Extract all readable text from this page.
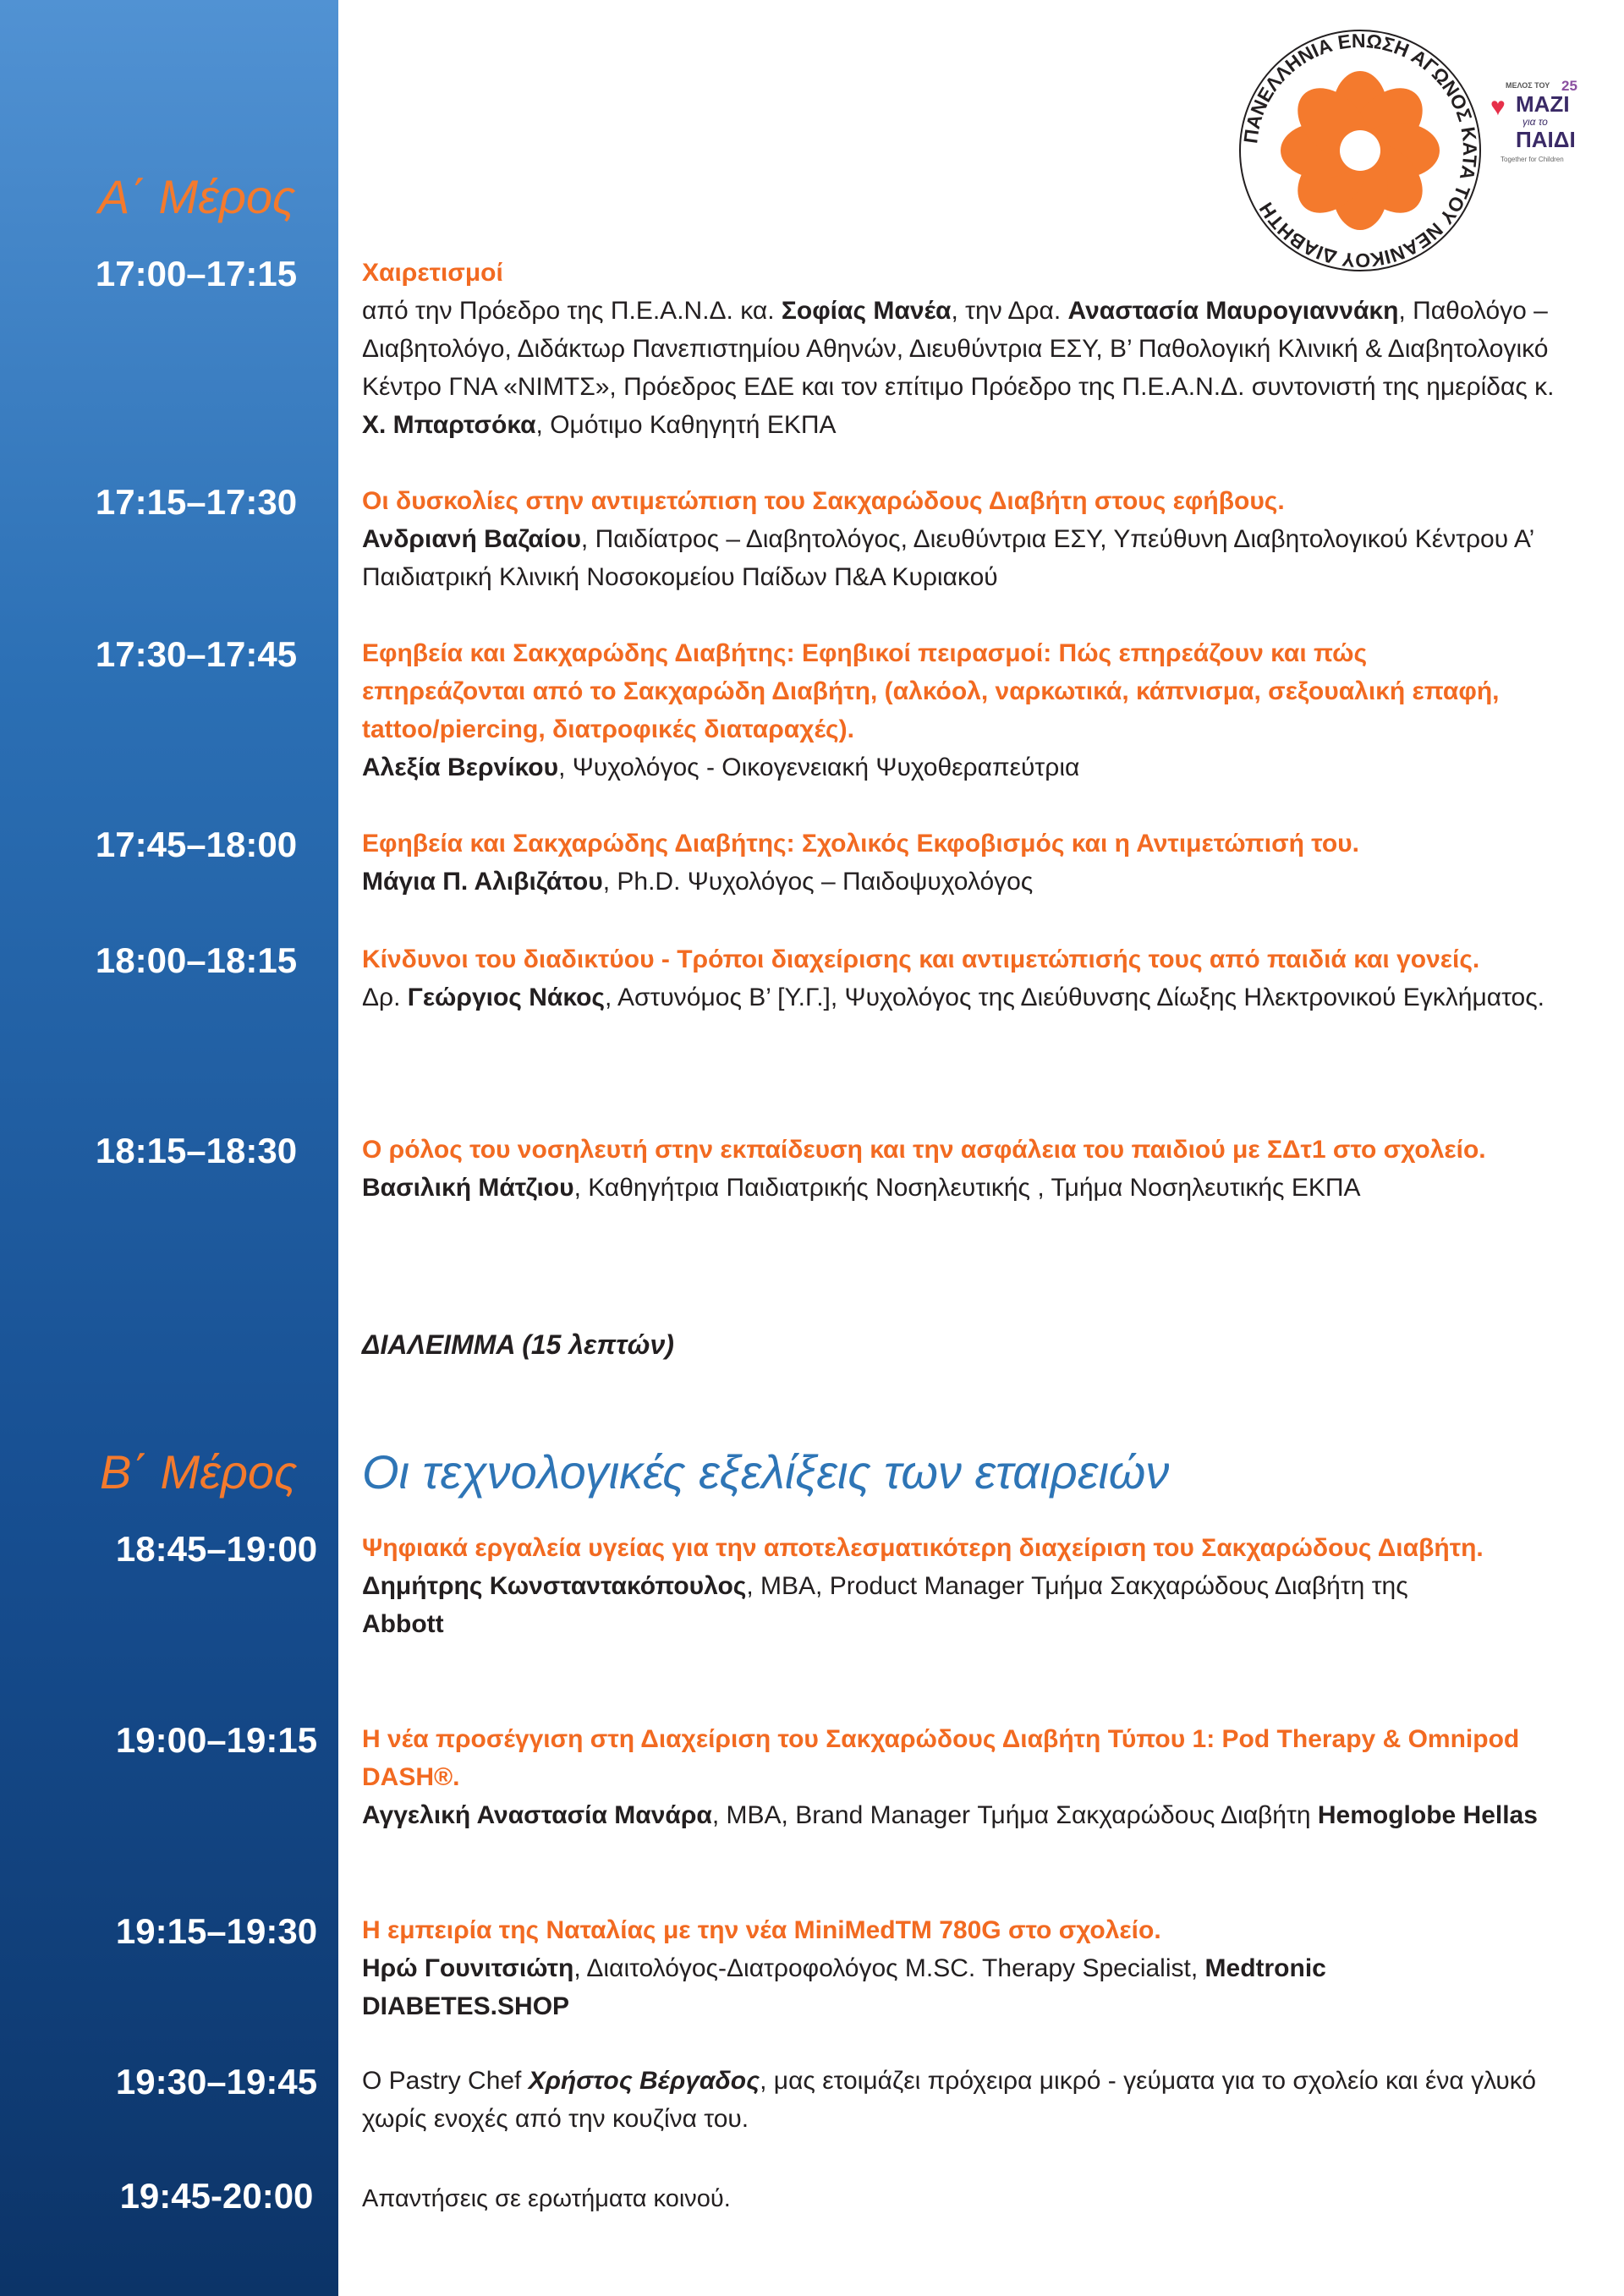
ΠΑΝΕΛΛΗΝΙΑ ΕΝΩΣΗ ΑΓΩΝΟΣ ΚΑΤΑ ΤΟΥ ΝΕΑΝΙΚΟΥ ΔΙΑΒΗΤΗ
ΜΕΛΟΣ ΤΟΥ 25
♥ ΜΑΖΙ
για το
ΠΑΙΔΙ
Together for Children
Α΄ Μέρος
17:00–17:15	Χαιρετισμοί
από την Πρόεδρο της Π.Ε.Α.Ν.Δ. κα. Σοφίας Μανέα, την Δρα. Αναστασία Μαυρογιαννάκη, Παθολόγο – Διαβητολόγο, Διδάκτωρ Πανεπιστημίου Αθηνών, Διευθύντρια ΕΣΥ, Β’ Παθολογική Κλινική & Διαβητολογικό Κέντρο ΓΝΑ «ΝΙΜΤΣ», Πρόεδρος ΕΔΕ και τον επίτιμο Πρόεδρο της Π.Ε.Α.Ν.Δ. συντονιστή της ημερίδας κ. Χ. Μπαρτσόκα, Ομότιμο Καθηγητή ΕΚΠΑ
17:15–17:30	Οι δυσκολίες στην αντιμετώπιση του Σακχαρώδους Διαβήτη στους εφήβους.
Ανδριανή Βαζαίου, Παιδίατρος – Διαβητολόγος, Διευθύντρια ΕΣΥ, Υπεύθυνη Διαβητολογικού Κέντρου Α’ Παιδιατρική Κλινική Νοσοκομείου Παίδων Π&Α Κυριακού
17:30–17:45	Εφηβεία και Σακχαρώδης Διαβήτης: Εφηβικοί πειρασμοί: Πώς επηρεάζουν και πώς επηρεάζονται από το Σακχαρώδη Διαβήτη, (αλκόολ, ναρκωτικά, κάπνισμα, σεξουαλική επαφή, tattoo/piercing, διατροφικές διαταραχές).
Αλεξία Βερνίκου, Ψυχολόγος - Οικογενειακή Ψυχοθεραπεύτρια
17:45–18:00	Εφηβεία και Σακχαρώδης Διαβήτης: Σχολικός Εκφοβισμός και η Αντιμετώπισή του.
Μάγια Π. Αλιβιζάτου, Ph.D. Ψυχολόγος – Παιδοψυχολόγος
18:00–18:15	Κίνδυνοι του διαδικτύου - Τρόποι διαχείρισης και αντιμετώπισής τους από παιδιά και γονείς.
Δρ. Γεώργιος Νάκος, Αστυνόμος Β’ [Υ.Γ.], Ψυχολόγος της Διεύθυνσης Δίωξης Ηλεκτρονικού Εγκλήματος.
18:15–18:30	Ο ρόλος του νοσηλευτή στην εκπαίδευση και την ασφάλεια του παιδιού με ΣΔτ1 στο σχολείο.
Βασιλική Μάτζιου, Καθηγήτρια Παιδιατρικής Νοσηλευτικής , Τμήμα Νοσηλευτικής ΕΚΠΑ
ΔΙΑΛΕΙΜΜΑ (15 λεπτών)
Β΄ Μέρος Οι τεχνολογικές εξελίξεις των εταιρειών
18:45–19:00	Ψηφιακά εργαλεία υγείας για την αποτελεσματικότερη διαχείριση του Σακχαρώδους Διαβήτη.
Δημήτρης Κωνσταντακόπουλος, MBA, Product Manager Τμήμα Σακχαρώδους Διαβήτη της Abbott
19:00–19:15	Η νέα προσέγγιση στη Διαχείριση του Σακχαρώδους Διαβήτη Τύπου 1: Pod Therapy & Omnipod DASH®.
Αγγελική Αναστασία Μανάρα, MBA, Brand Manager Τμήμα Σακχαρώδους Διαβήτη Hemoglobe Hellas
19:15–19:30	Η εμπειρία της Ναταλίας με την νέα MiniMedTM 780G στο σχολείο.
Ηρώ Γουνιτσιώτη, Διαιτολόγος-Διατροφολόγος M.SC. Therapy Specialist, Medtronic DIABETES.SHOP
19:30–19:45	Ο Pastry Chef Χρήστος Βέργαδος, μας ετοιμάζει πρόχειρα μικρό - γεύματα για το σχολείο και ένα γλυκό χωρίς ενοχές από την κουζίνα του.
19:45-20:00	Απαντήσεις σε ερωτήματα κοινού.
